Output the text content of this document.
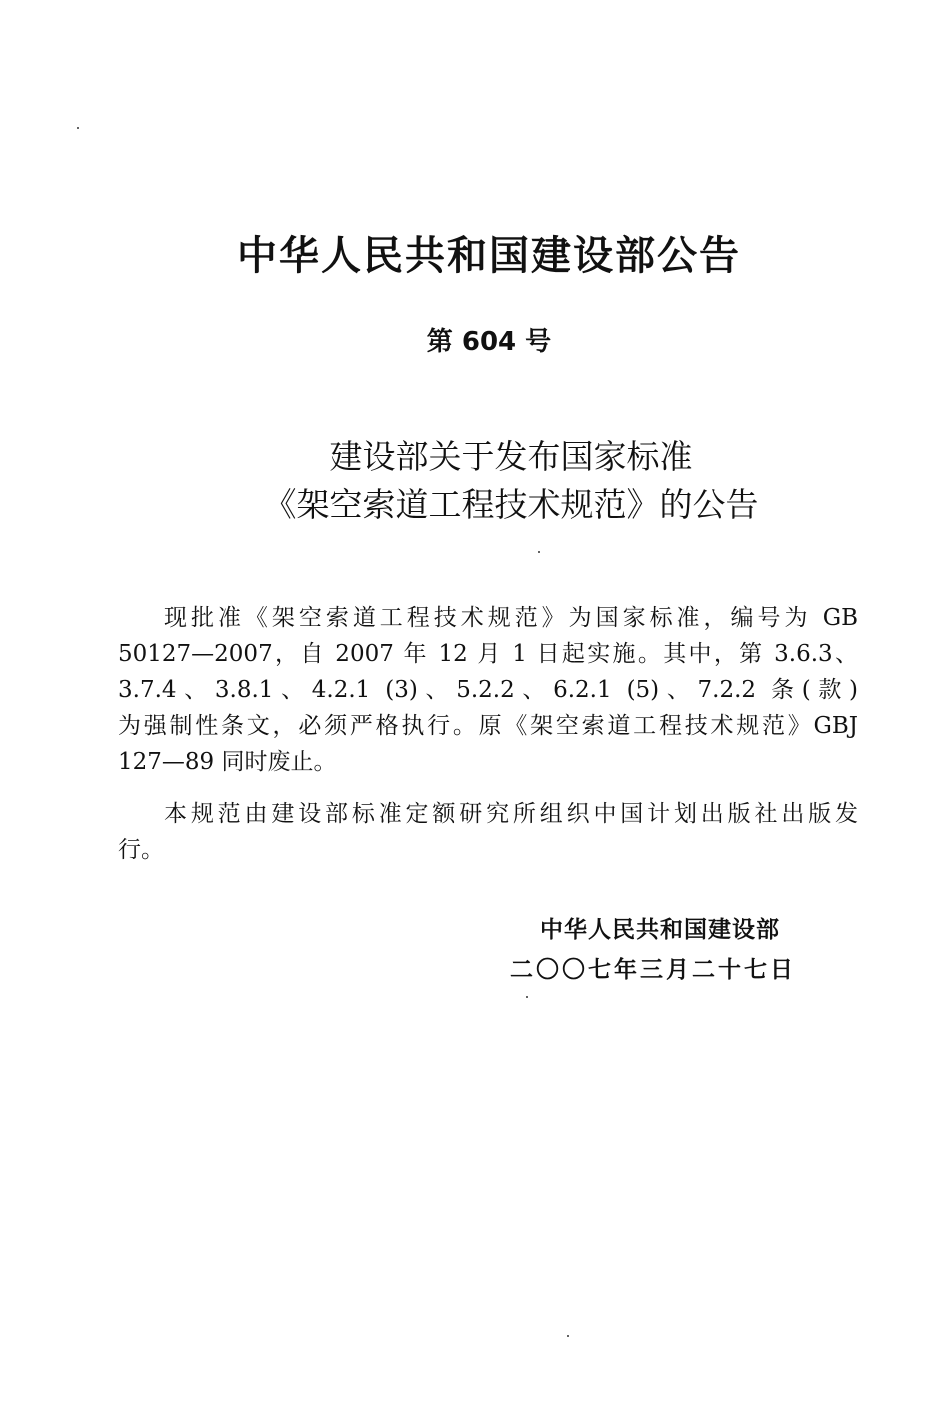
中华人民共和国建设部公告
第 604 号
建设部关于发布国家标准
《架空索道工程技术规范》的公告
现批准《架空索道工程技术规范》为国家标准，编号为 GB
50127—2007，自 2007 年 12 月 1 日起实施。其中，第 3.6.3、
3.7.4、3.8.1、4.2.1 (3)、5.2.2、6.2.1 (5)、7.2.2 条(款)
为强制性条文，必须严格执行。原《架空索道工程技术规范》GBJ
127—89 同时废止。
本规范由建设部标准定额研究所组织中国计划出版社出版发
行。
中华人民共和国建设部
二〇〇七年三月二十七日
